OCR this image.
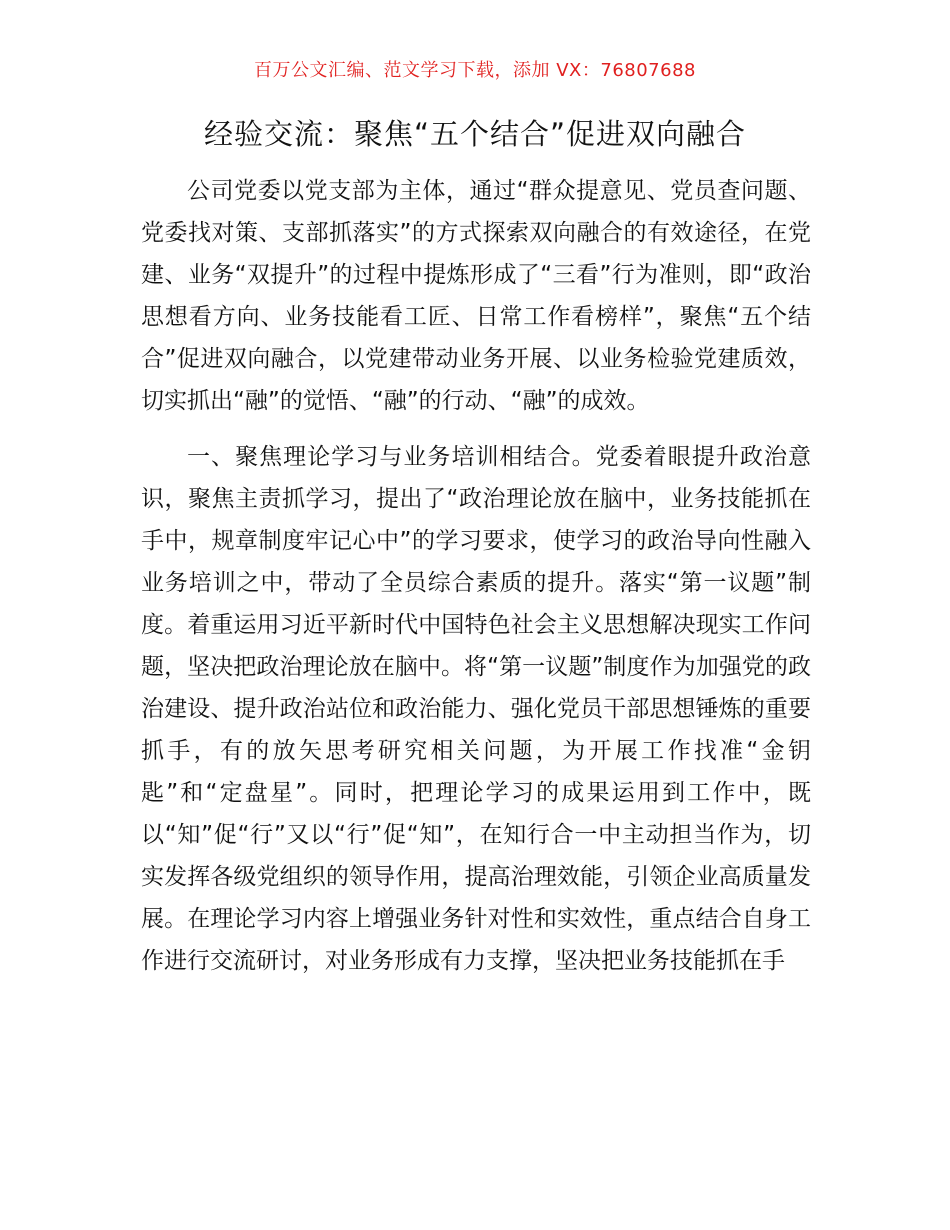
百万公文汇编、范文学习下载，添加 VX：76807688
经验交流：聚焦“五个结合”促进双向融合

公司党委以党支部为主体，通过“群众提意见、党员查问题、党委找对策、支部抓落实”的方式探索双向融合的有效途径，在党建、业务“双提升”的过程中提炼形成了“三看”行为准则，即“政治思想看方向、业务技能看工匠、日常工作看榜样”，聚焦“五个结合”促进双向融合，以党建带动业务开展、以业务检验党建质效，切实抓出“融”的觉悟、“融”的行动、“融”的成效。

一、聚焦理论学习与业务培训相结合。党委着眼提升政治意识，聚焦主责抓学习，提出了“政治理论放在脑中，业务技能抓在手中，规章制度牢记心中”的学习要求，使学习的政治导向性融入业务培训之中，带动了全员综合素质的提升。落实“第一议题”制度。着重运用习近平新时代中国特色社会主义思想解决现实工作问题，坚决把政治理论放在脑中。将“第一议题”制度作为加强党的政治建设、提升政治站位和政治能力、强化党员干部思想锤炼的重要抓手，有的放矢思考研究相关问题，为开展工作找准“金钥匙”和“定盘星”。同时，把理论学习的成果运用到工作中，既以“知”促“行”又以“行”促“知”，在知行合一中主动担当作为，切实发挥各级党组织的领导作用，提高治理效能，引领企业高质量发展。在理论学习内容上增强业务针对性和实效性，重点结合自身工作进行交流研讨，对业务形成有力支撑，坚决把业务技能抓在手
